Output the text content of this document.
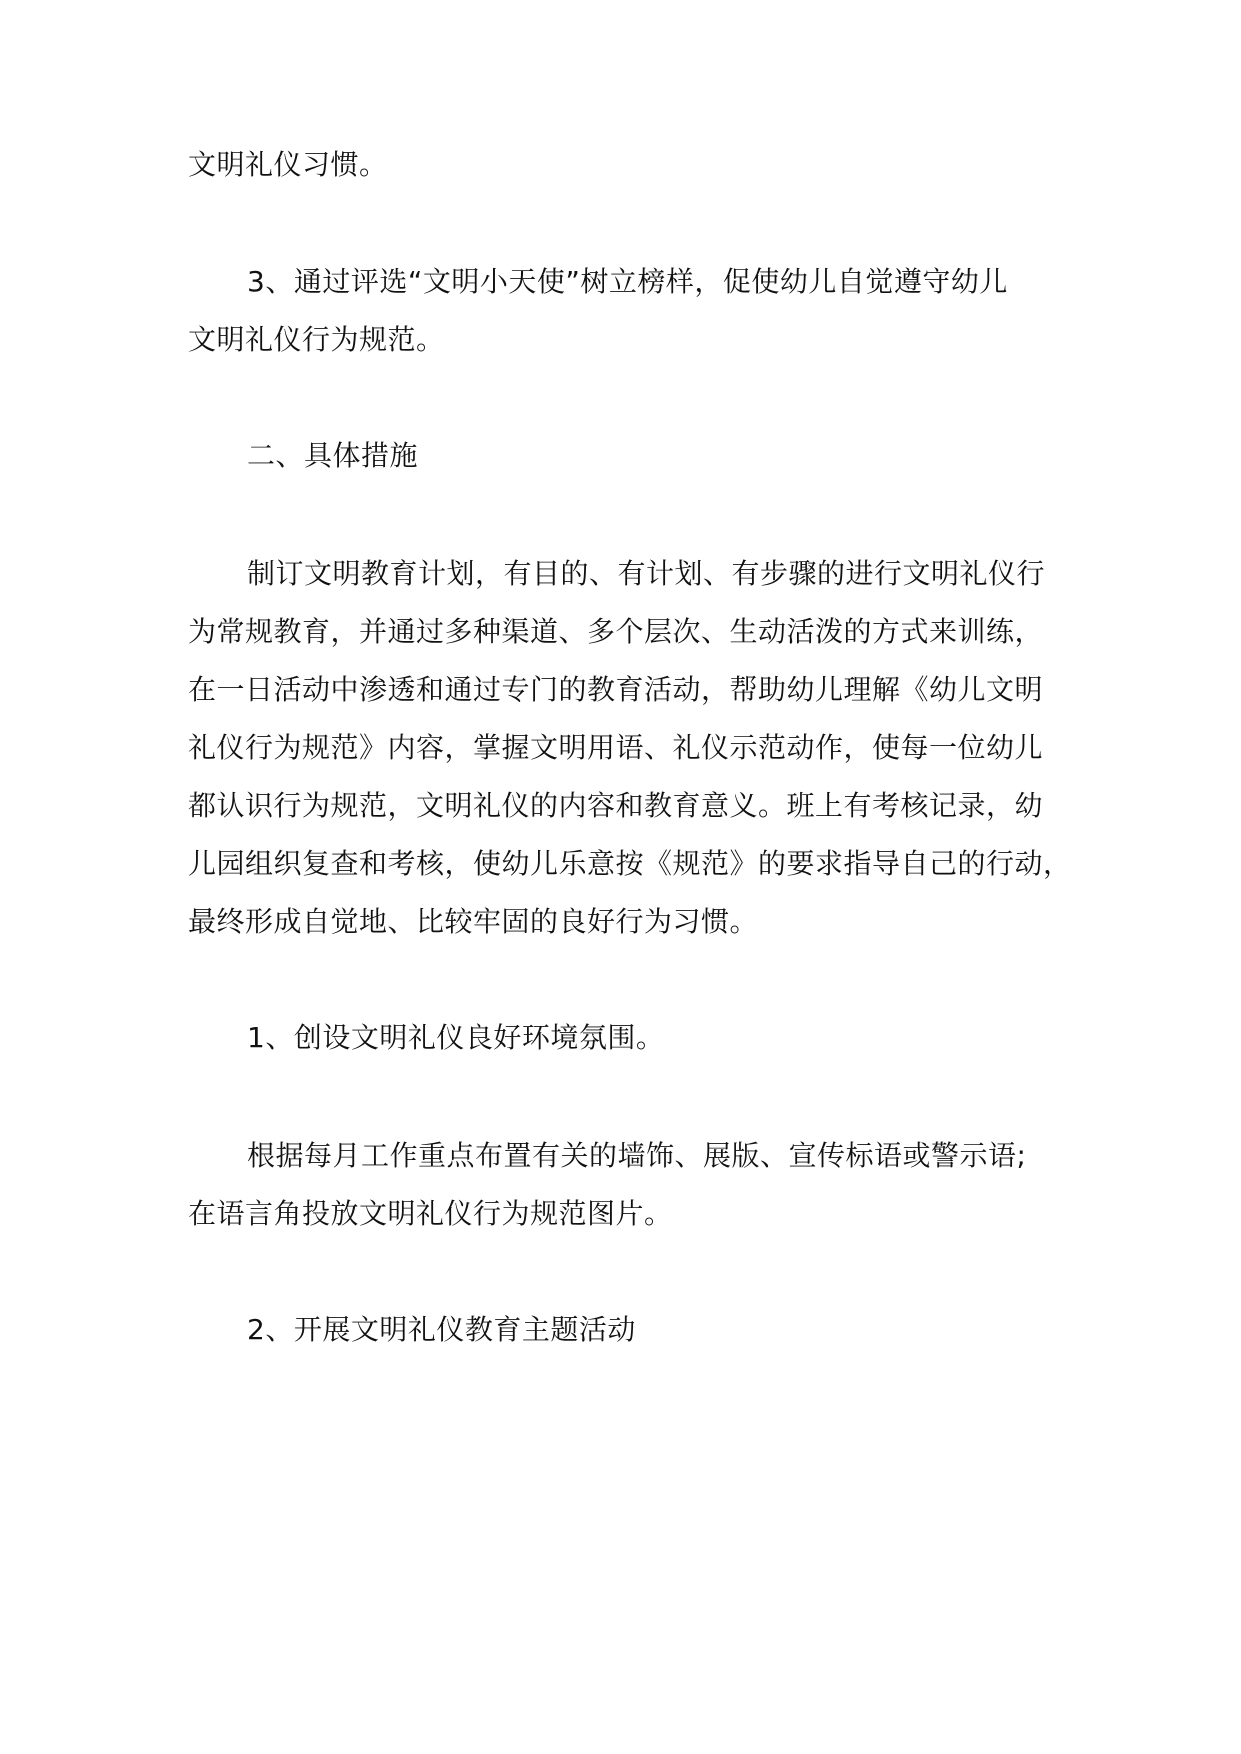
文明礼仪习惯。
3、通过评选“文明小天使”树立榜样，促使幼儿自觉遵守幼儿
文明礼仪行为规范。
二、具体措施
制订文明教育计划，有目的、有计划、有步骤的进行文明礼仪行
为常规教育，并通过多种渠道、多个层次、生动活泼的方式来训练，
在一日活动中渗透和通过专门的教育活动，帮助幼儿理解《幼儿文明
礼仪行为规范》内容，掌握文明用语、礼仪示范动作，使每一位幼儿
都认识行为规范，文明礼仪的内容和教育意义。班上有考核记录，幼
儿园组织复查和考核，使幼儿乐意按《规范》的要求指导自己的行动，
最终形成自觉地、比较牢固的良好行为习惯。
1、创设文明礼仪良好环境氛围。
根据每月工作重点布置有关的墙饰、展版、宣传标语或警示语;
在语言角投放文明礼仪行为规范图片。
2、开展文明礼仪教育主题活动
